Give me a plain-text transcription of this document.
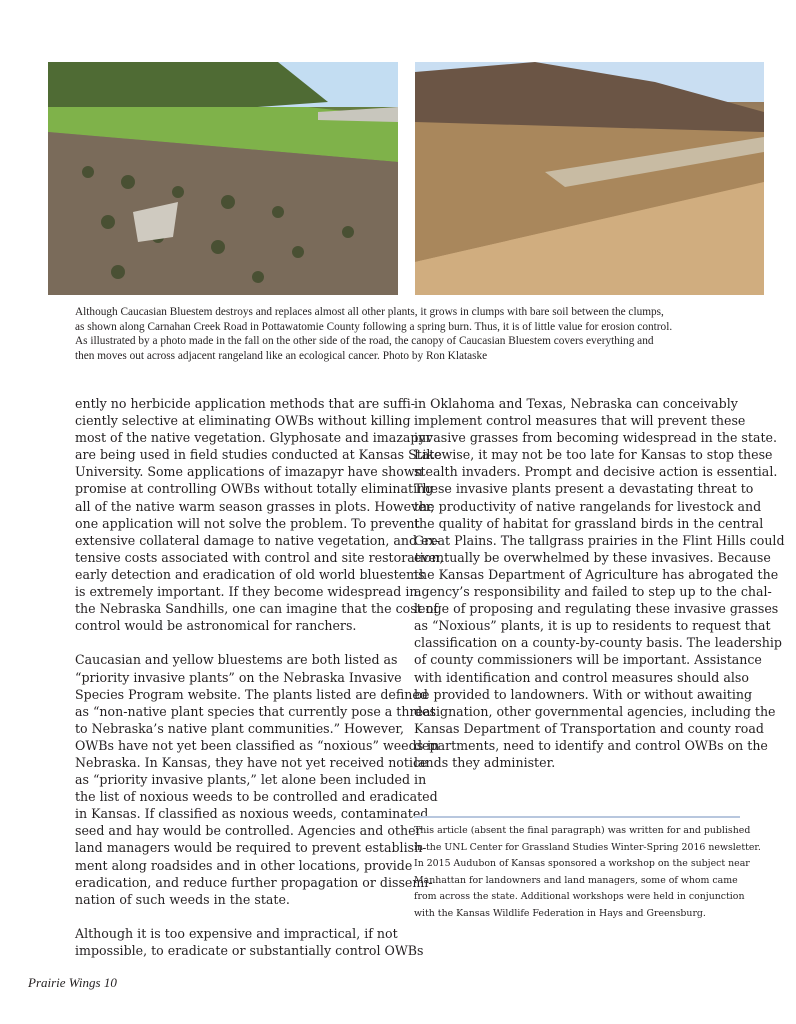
Although Caucasian Bluestem destroys and replaces almost all other plants, it grows in clumps with bare soil between the clumps,
as shown along Carnahan Creek Road in Pottawatomie County following a spring burn. Thus, it is of little value for erosion control.
As illustrated by a photo made in the fall on the other side of the road, the canopy of Caucasian Bluestem covers everything and
then moves out across adjacent rangeland like an ecological cancer. Photo by Ron Klataske
ently no herbicide application methods that are suffi-
ciently selective at eliminating OWBs without killing
most of the native vegetation. Glyphosate and imazapyr
are being used in field studies conducted at Kansas State
University. Some applications of imazapyr have shown
promise at controlling OWBs without totally eliminating
all of the native warm season grasses in plots. However,
one application will not solve the problem. To prevent
extensive collateral damage to native vegetation, and ex-
tensive costs associated with control and site restoration,
early detection and eradication of old world bluestems
is extremely important. If they become widespread in
the Nebraska Sandhills, one can imagine that the cost of
control would be astronomical for ranchers.
Caucasian and yellow bluestems are both listed as
“priority invasive plants” on the Nebraska Invasive
Species Program website. The plants listed are defined
as “non-native plant species that currently pose a threat
to Nebraska’s native plant communities.” However,
OWBs have not yet been classified as “noxious” weeds in
Nebraska. In Kansas, they have not yet received notice
as “priority invasive plants,” let alone been included in
the list of noxious weeds to be controlled and eradicated
in Kansas. If classified as noxious weeds, contaminated
seed and hay would be controlled. Agencies and other
land managers would be required to prevent establish-
ment along roadsides and in other locations, provide
eradication, and reduce further propagation or dissemi-
nation of such weeds in the state.
Although it is too expensive and impractical, if not
impossible, to eradicate or substantially control OWBs
in Oklahoma and Texas, Nebraska can conceivably
implement control measures that will prevent these
invasive grasses from becoming widespread in the state.
Likewise, it may not be too late for Kansas to stop these
stealth invaders. Prompt and decisive action is essential.
These invasive plants present a devastating threat to
the productivity of native rangelands for livestock and
the quality of habitat for grassland birds in the central
Great Plains. The tallgrass prairies in the Flint Hills could
eventually be overwhelmed by these invasives. Because
the Kansas Department of Agriculture has abrogated the
agency’s responsibility and failed to step up to the chal-
lenge of proposing and regulating these invasive grasses
as “Noxious” plants, it is up to residents to request that
classification on a county-by-county basis. The leadership
of county commissioners will be important. Assistance
with identification and control measures should also
be provided to landowners. With or without awaiting
designation, other governmental agencies, including the
Kansas Department of Transportation and county road
departments, need to identify and control OWBs on the
lands they administer.
This article (absent the final paragraph) was written for and published
in the UNL Center for Grassland Studies Winter-Spring 2016 newsletter.
In 2015 Audubon of Kansas sponsored a workshop on the subject near
Manhattan for landowners and land managers, some of whom came
from across the state. Additional workshops were held in conjunction
with the Kansas Wildlife Federation in Hays and Greensburg.
Prairie Wings 10
